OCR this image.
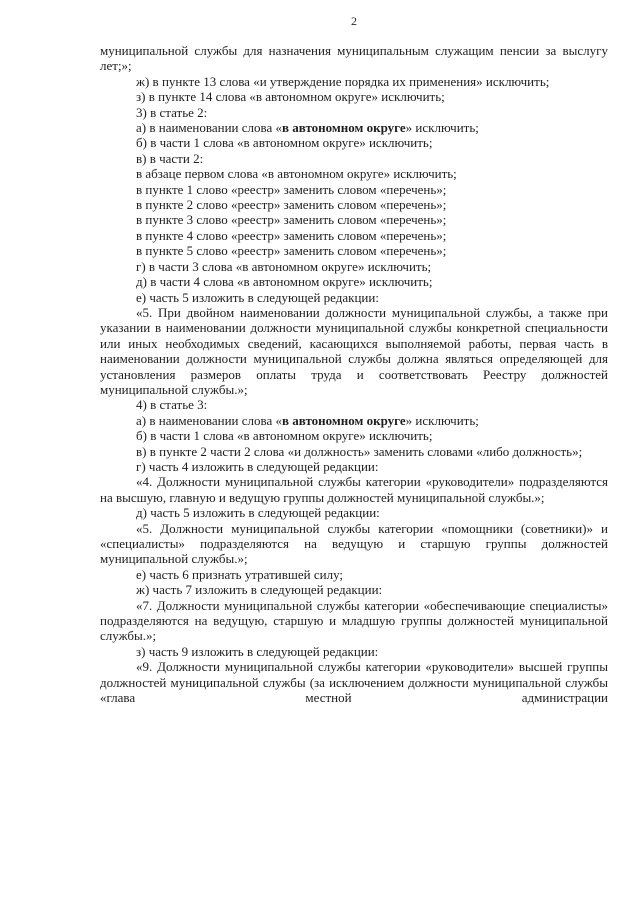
2

муниципальной службы для назначения муниципальным служащим пенсии за выслугу лет;»;

ж) в пункте 13 слова «и утверждение порядка их применения» исключить;

з) в пункте 14 слова «в автономном округе» исключить;

3) в статье 2:

а) в наименовании слова «в автономном округе» исключить;

б) в части 1 слова «в автономном округе» исключить;

в) в части 2:

в абзаце первом слова «в автономном округе» исключить;

в пункте 1 слово «реестр» заменить словом «перечень»;

в пункте 2 слово «реестр» заменить словом «перечень»;

в пункте 3 слово «реестр» заменить словом «перечень»;

в пункте 4 слово «реестр» заменить словом «перечень»;

в пункте 5 слово «реестр» заменить словом «перечень»;

г) в части 3 слова «в автономном округе» исключить;

д) в части 4 слова «в автономном округе» исключить;

е) часть 5 изложить в следующей редакции:

«5. При двойном наименовании должности муниципальной службы, а также при указании в наименовании должности муниципальной службы конкретной специальности или иных необходимых сведений, касающихся выполняемой работы, первая часть в наименовании должности муниципальной службы должна являться определяющей для установления размеров оплаты труда и соответствовать Реестру должностей муниципальной службы.»;

4) в статье 3:

а) в наименовании слова «в автономном округе» исключить;

б) в части 1 слова «в автономном округе» исключить;

в) в пункте 2 части 2 слова «и должность» заменить словами «либо должность»;

г) часть 4 изложить в следующей редакции:

«4. Должности муниципальной службы категории «руководители» подразделяются на высшую, главную и ведущую группы должностей муниципальной службы.»;

д) часть 5 изложить в следующей редакции:

«5. Должности муниципальной службы категории «помощники (советники)» и «специалисты» подразделяются на ведущую и старшую группы должностей муниципальной службы.»;

е) часть 6 признать утратившей силу;

ж) часть 7 изложить в следующей редакции:

«7. Должности муниципальной службы категории «обеспечивающие специалисты» подразделяются на ведущую, старшую и младшую группы должностей муниципальной службы.»;

з) часть 9 изложить в следующей редакции:

«9. Должности муниципальной службы категории «руководители» высшей группы должностей муниципальной службы (за исключением должности муниципальной службы «глава местной администрации
